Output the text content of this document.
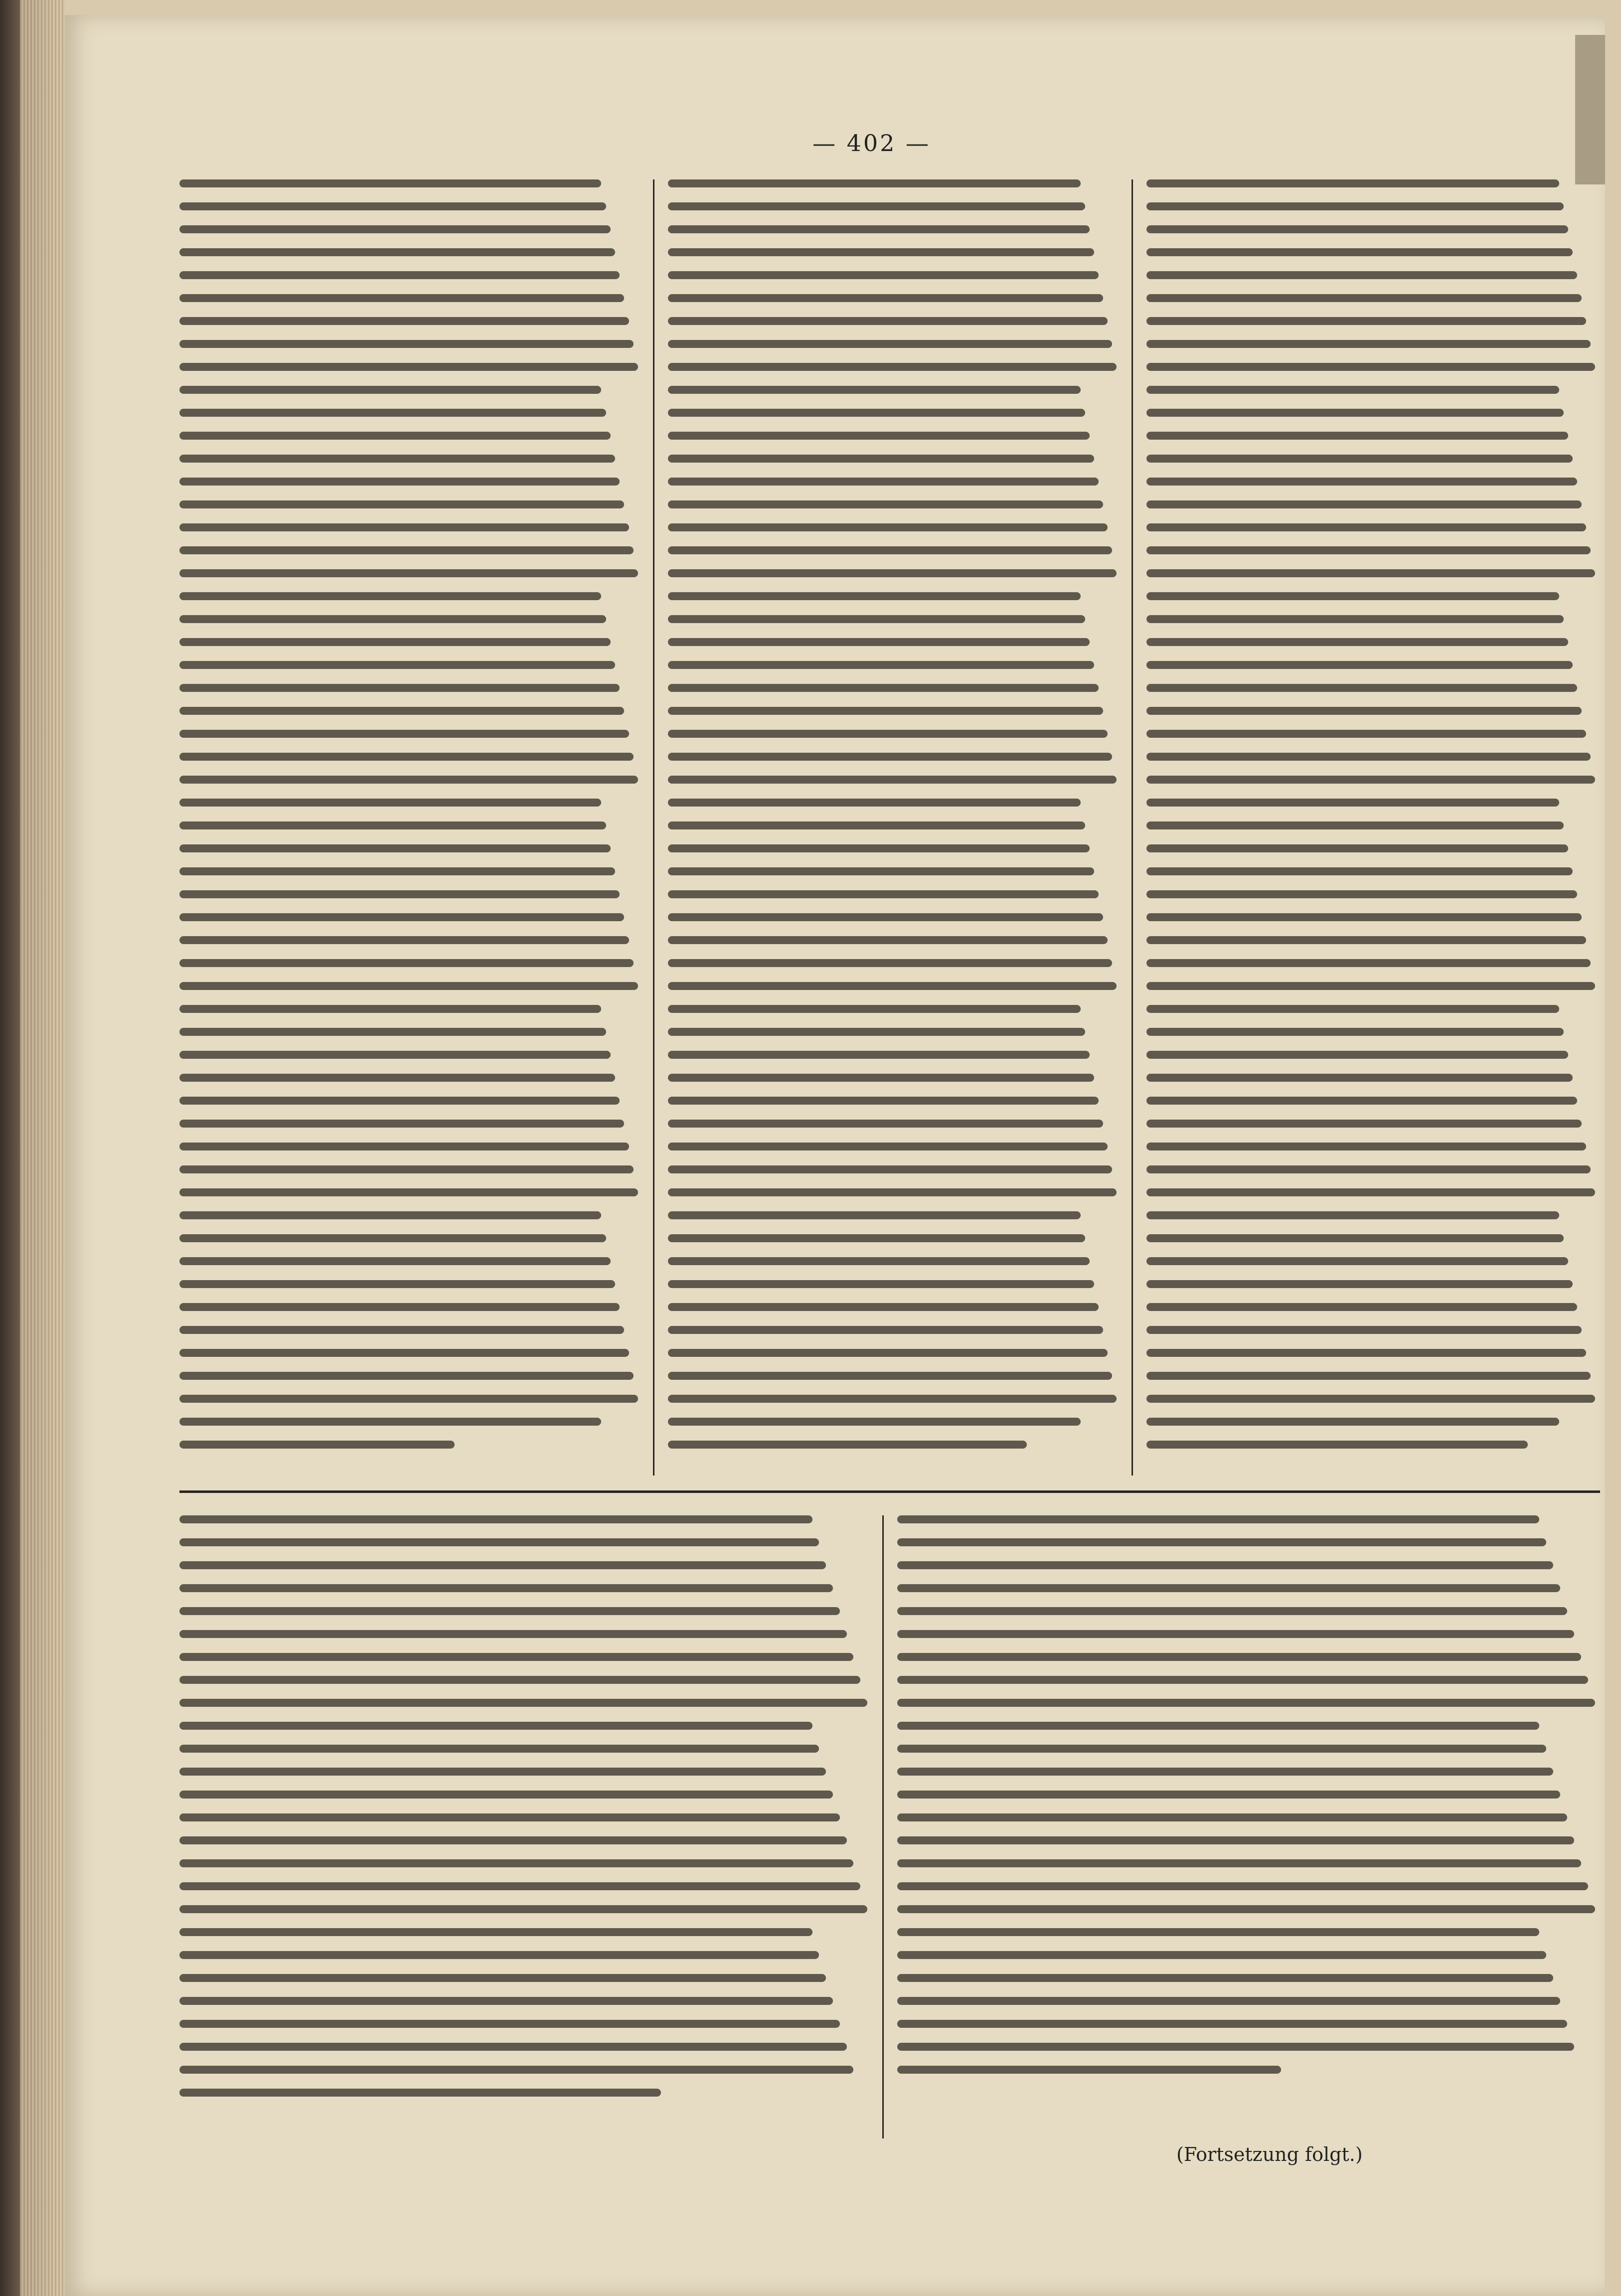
— 402 —
(Fortsetzung folgt.)
